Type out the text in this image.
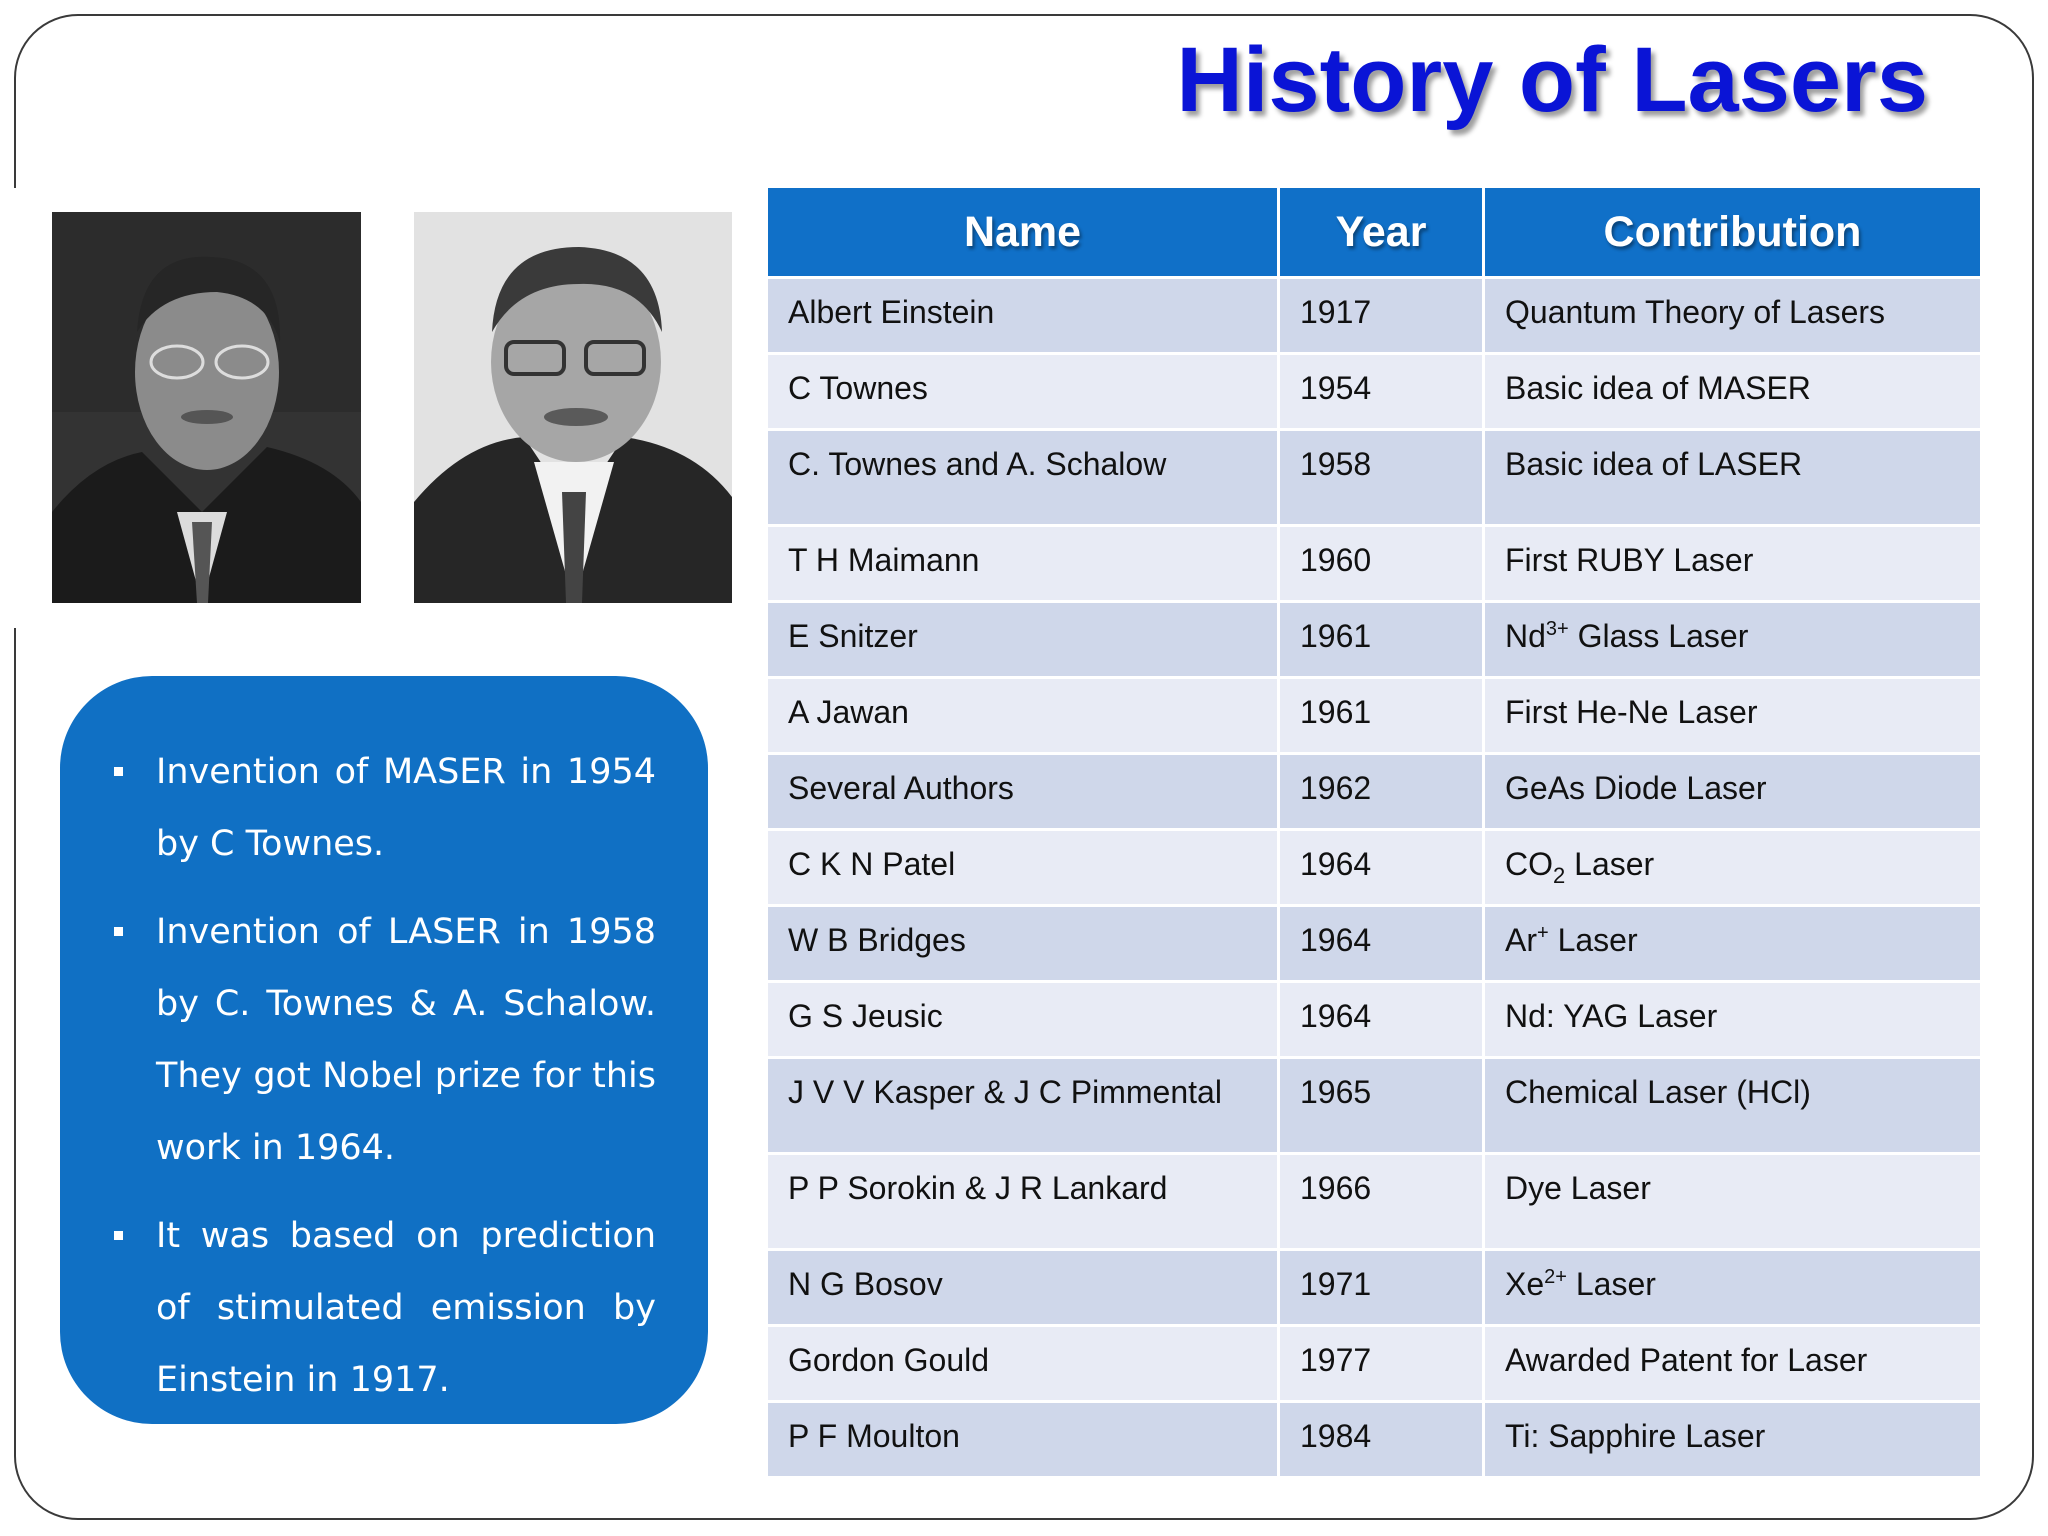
History of Lasers
Invention of MASER in 1954 by C Townes.
Invention of LASER in 1958 by C. Townes & A. Schalow. They got Nobel prize for this work in 1964.
It was based on prediction of stimulated emission by Einstein in 1917.
Name	Year	Contribution
Albert Einstein	1917	Quantum Theory of Lasers
C Townes	1954	Basic idea of MASER
C. Townes and A. Schalow	1958	Basic idea of LASER
T H Maimann	1960	First RUBY Laser
E Snitzer	1961	$Nd^{3+}$ Glass Laser
A Jawan	1961	First He-Ne Laser
Several Authors	1962	GeAs Diode Laser
C K N Patel	1964	$CO_2$ Laser
W B Bridges	1964	Ar+ Laser
G S Jeusic	1964	Nd: YAG Laser
J V V Kasper & J C Pimmental	1965	Chemical Laser (HCl)
P P Sorokin & J R Lankard	1966	Dye Laser
N G Bosov	1971	$Xe^{2+}$ Laser
Gordon Gould	1977	Awarded Patent for Laser
P F Moulton	1984	Ti: Sapphire Laser
